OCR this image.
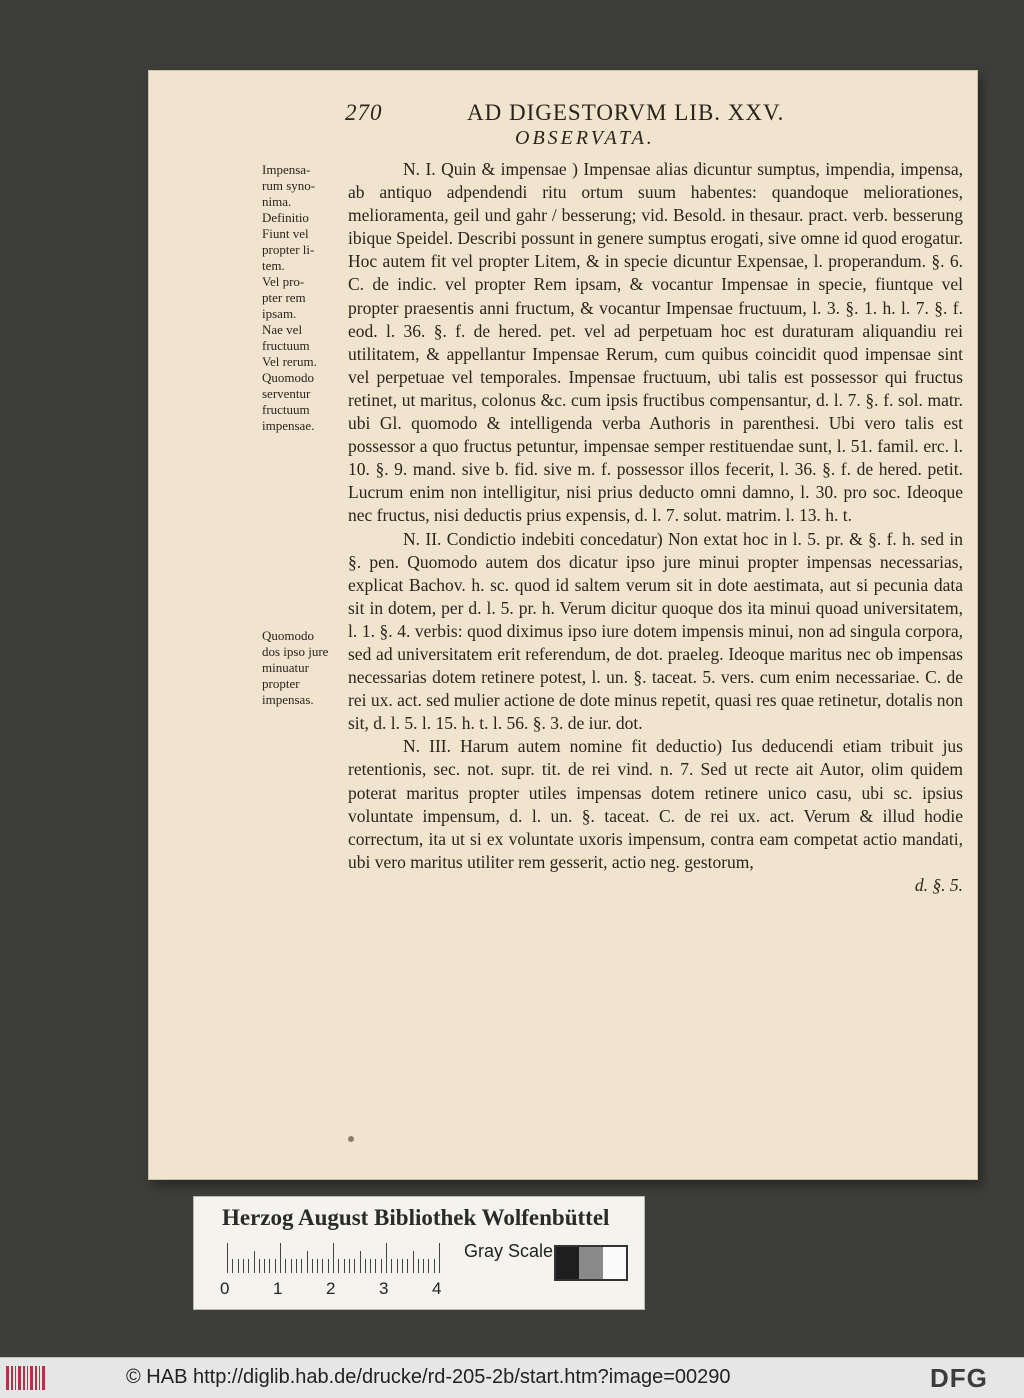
270	AD DIGESTORVM LIB. XXV.
OBSERVATA.
Impensa-
rum syno-
nima.
Definitio
Fiunt vel
propter li-
tem.
Vel pro-
pter rem
ipsam.
Nae vel
fructuum
Vel rerum.
Quomodo
serventur
fructuum
impensae.
Quomodo
dos ipso jure
minuatur
propter
impensas.

N. I. Quin & impensae ) Impensae alias dicuntur sumptus, impendia, impensa, ab antiquo adpendendi ritu ortum suum habentes: quandoque meliorationes, melioramenta, geil und gahr / besserung; vid. Besold. in thesaur. pract. verb. besserung ibique Speidel. Describi possunt in genere sumptus erogati, sive omne id quod erogatur. Hoc autem fit vel propter Litem, & in specie dicuntur Expensae, l. properandum. §. 6. C. de indic. vel propter Rem ipsam, & vocantur Impensae in specie, fiuntque vel propter praesentis anni fructum, & vocantur Impensae fructuum, l. 3. §. 1. h. l. 7. §. f. eod. l. 36. §. f. de hered. pet. vel ad perpetuam hoc est duraturam aliquandiu rei utilitatem, & appellantur Impensae Rerum, cum quibus coincidit quod impensae sint vel perpetuae vel temporales. Impensae fructuum, ubi talis est possessor qui fructus retinet, ut maritus, colonus &c. cum ipsis fructibus compensantur, d. l. 7. §. f. sol. matr. ubi Gl. quomodo & intelligenda verba Authoris in parenthesi. Ubi vero talis est possessor a quo fructus petuntur, impensae semper restituendae sunt, l. 51. famil. erc. l. 10. §. 9. mand. sive b. fid. sive m. f. possessor illos fecerit, l. 36. §. f. de hered. petit. Lucrum enim non intelligitur, nisi prius deducto omni damno, l. 30. pro soc. Ideoque nec fructus, nisi deductis prius expensis, d. l. 7. solut. matrim. l. 13. h. t.

N. II. Condictio indebiti concedatur) Non extat hoc in l. 5. pr. & §. f. h. sed in §. pen. Quomodo autem dos dicatur ipso jure minui propter impensas necessarias, explicat Bachov. h. sc. quod id saltem verum sit in dote aestimata, aut si pecunia data sit in dotem, per d. l. 5. pr. h. Verum dicitur quoque dos ita minui quoad universitatem, l. 1. §. 4. verbis: quod diximus ipso iure dotem impensis minui, non ad singula corpora, sed ad universitatem erit referendum, de dot. praeleg. Ideoque maritus nec ob impensas necessarias dotem retinere potest, l. un. §. taceat. 5. vers. cum enim necessariae. C. de rei ux. act. sed mulier actione de dote minus repetit, quasi res quae retinetur, dotalis non sit, d. l. 5. l. 15. h. t. l. 56. §. 3. de iur. dot.

N. III. Harum autem nomine fit deductio) Ius deducendi etiam tribuit jus retentionis, sec. not. supr. tit. de rei vind. n. 7. Sed ut recte ait Autor, olim quidem poterat maritus propter utiles impensas dotem retinere unico casu, ubi sc. ipsius voluntate impensum, d. l. un. §. taceat. C. de rei ux. act. Verum & illud hodie correctum, ita ut si ex voluntate uxoris impensum, contra eam competat actio mandati, ubi vero maritus utiliter rem gesserit, actio neg. gestorum,

d. §. 5.
Herzog August Bibliothek Wolfenbüttel
0	1	2	3	4
Gray Scale
© HAB http://diglib.hab.de/drucke/rd-205-2b/start.htm?image=00290	DFG
